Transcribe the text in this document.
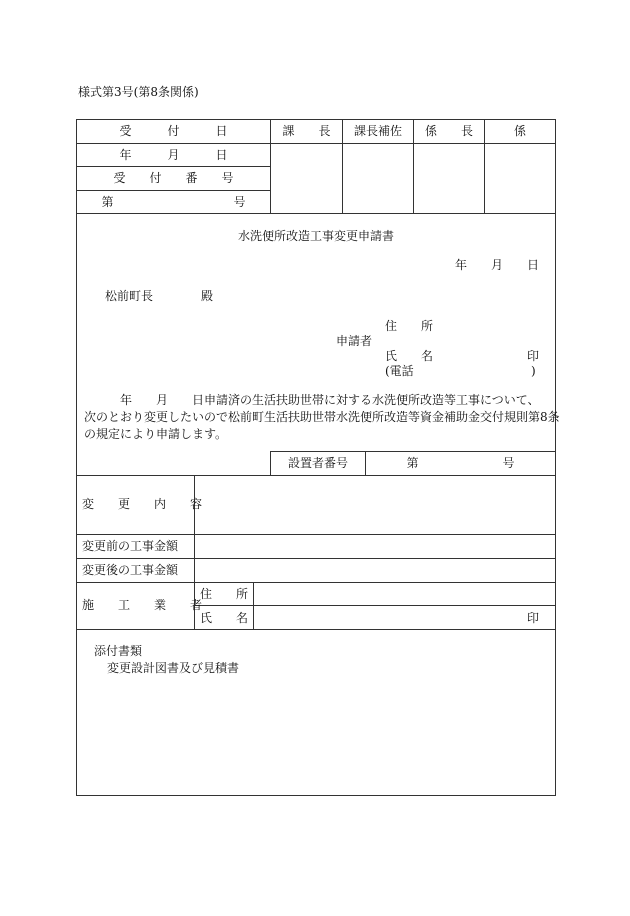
様式第3号(第8条関係)
受　　　付　　　日
年　　　月　　　日
受　　付　　番　　号
第　　　　　　　　　　号
課　　長	課長補佐	係　　長	係
水洗便所改造工事変更申請書
年　　月　　日
松前町長　　　　殿
住　　所
申請者
氏　　名	印
(電話	)
　　　年　　月　　日申請済の生活扶助世帯に対する水洗便所改造等工事について、
次のとおり変更したいので松前町生活扶助世帯水洗便所改造等資金補助金交付規則第8条
の規定により申請します。
設置者番号	第　　　　　　　号
変　　更　　内　　容
変更前の工事金額
変更後の工事金額
施　　工　　業　　者
住　　所
氏　　名	印
添付書類
変更設計図書及び見積書
